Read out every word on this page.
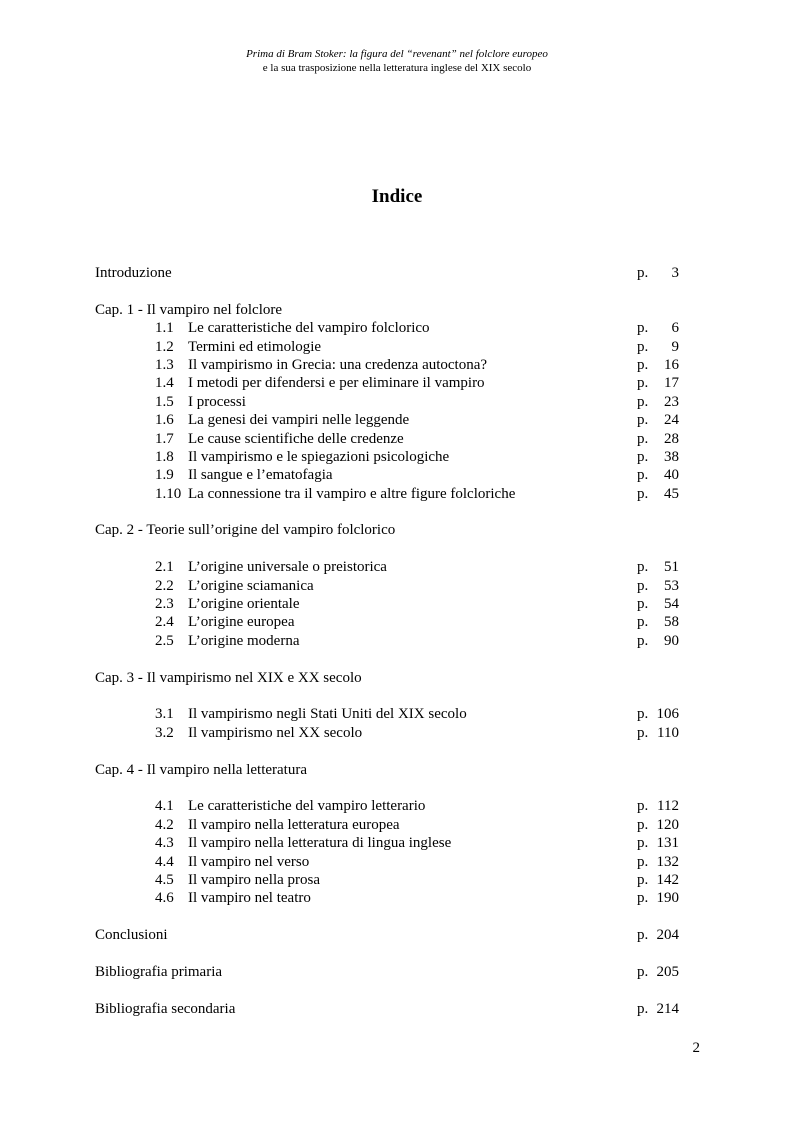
Prima di Bram Stoker: la figura del “revenant” nel folclore europeo
e la sua trasposizione nella letteratura inglese del XIX secolo
Indice
Introduzione	p. 3
Cap. 1 - Il vampiro nel folclore
1.1 Le caratteristiche del vampiro folclorico	p. 6
1.2 Termini ed etimologie	p. 9
1.3 Il vampirismo in Grecia: una credenza autoctona?	p. 16
1.4 I metodi per difendersi e per eliminare il vampiro	p. 17
1.5 I processi	p. 23
1.6 La genesi dei vampiri nelle leggende	p. 24
1.7 Le cause scientifiche delle credenze	p. 28
1.8 Il vampirismo e le spiegazioni psicologiche	p. 38
1.9 Il sangue e l’ematofagia	p. 40
1.10 La connessione tra il vampiro e altre figure folcloriche	p. 45
Cap. 2 - Teorie sull’origine del vampiro folclorico
2.1 L’origine universale o preistorica	p. 51
2.2 L’origine sciamanica	p. 53
2.3 L’origine orientale	p. 54
2.4 L’origine europea	p. 58
2.5 L’origine moderna	p. 90
Cap. 3 - Il vampirismo nel XIX e XX secolo
3.1 Il vampirismo negli Stati Uniti del XIX secolo	p. 106
3.2 Il vampirismo nel XX secolo	p. 110
Cap. 4 - Il vampiro nella letteratura
4.1 Le caratteristiche del vampiro letterario	p. 112
4.2 Il vampiro nella letteratura europea	p. 120
4.3 Il vampiro nella letteratura di lingua inglese	p. 131
4.4 Il vampiro nel verso	p. 132
4.5 Il vampiro nella prosa	p. 142
4.6 Il vampiro nel teatro	p. 190
Conclusioni	p. 204
Bibliografia primaria	p. 205
Bibliografia secondaria	p. 214
2
